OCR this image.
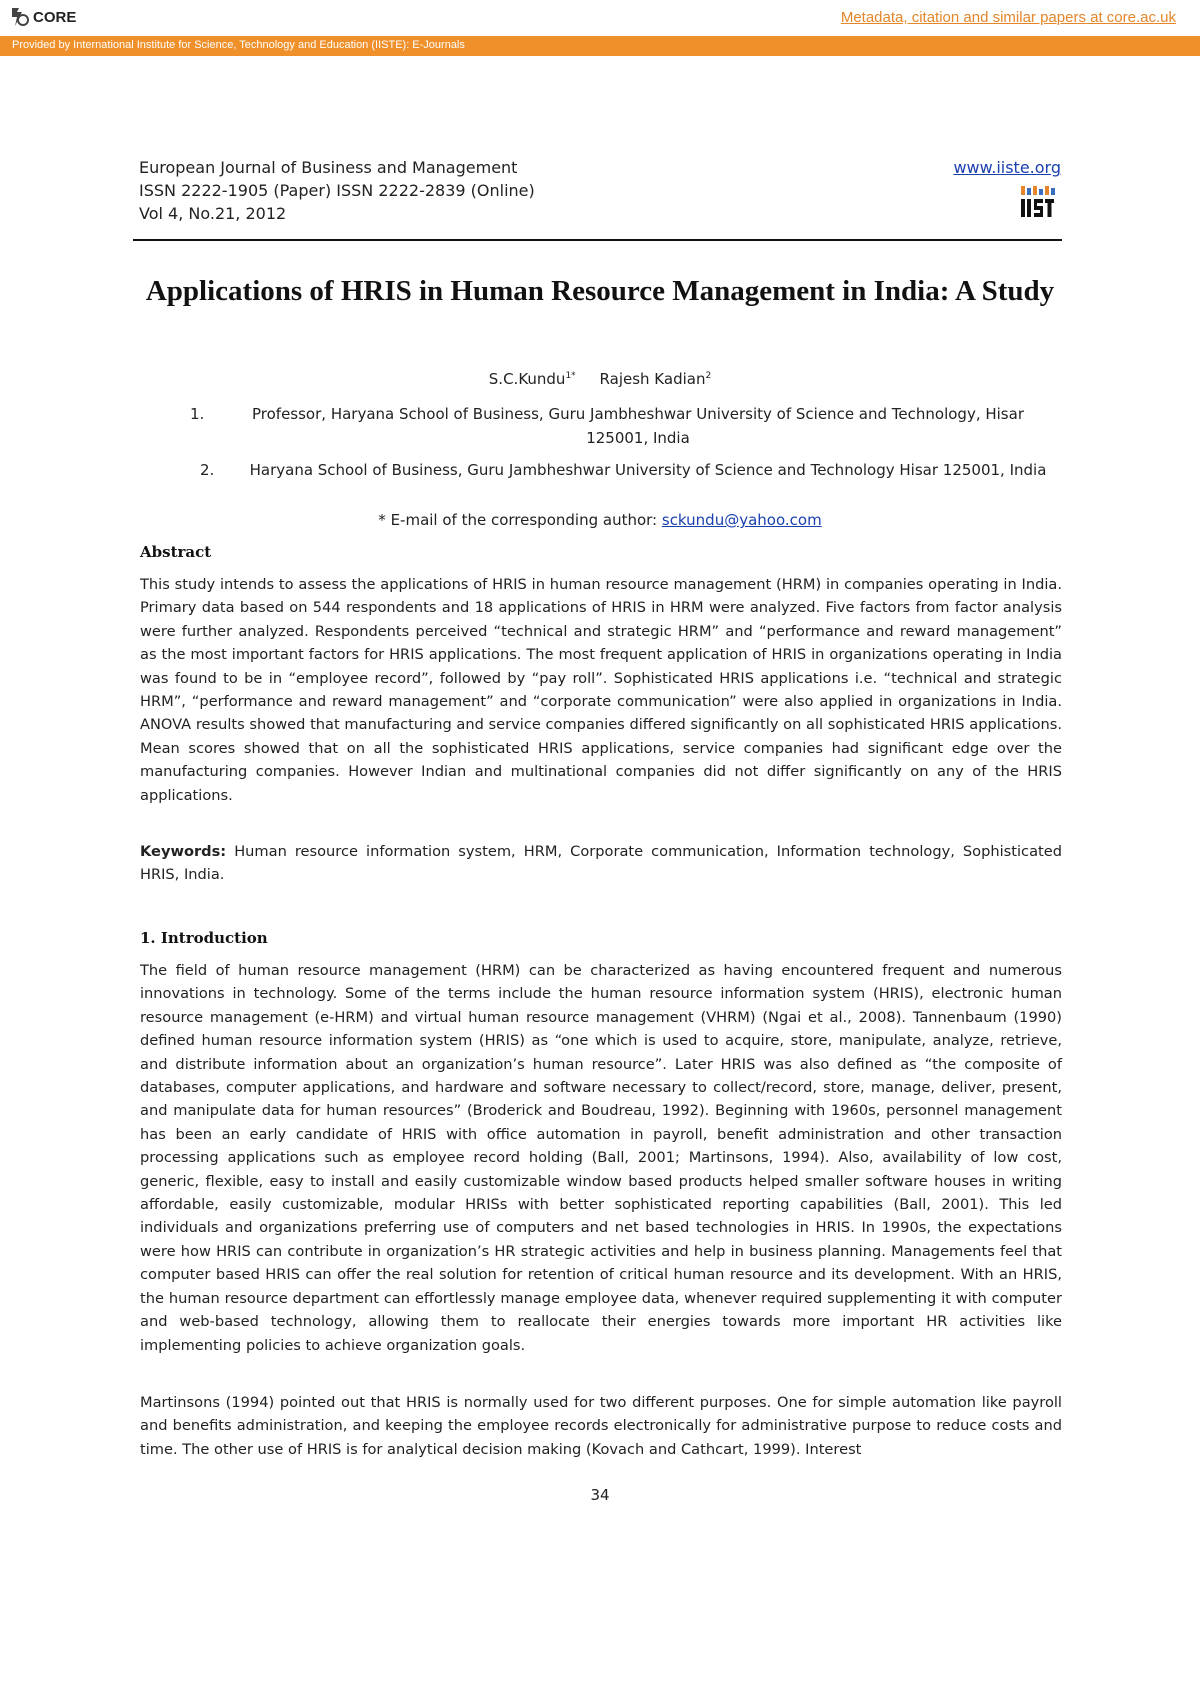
CORE	Metadata, citation and similar papers at core.ac.uk
Provided by International Institute for Science, Technology and Education (IISTE): E-Journals
European Journal of Business and Management
ISSN 2222-1905 (Paper) ISSN 2222-2839 (Online)
Vol 4, No.21, 2012
www.iiste.org
Applications of HRIS in Human Resource Management in India: A Study
S.C.Kundu$^{1*}$ Rajesh Kadian$^2$
1.	Professor, Haryana School of Business, Guru Jambheshwar University of Science and Technology, Hisar 125001, India
2.	Haryana School of Business, Guru Jambheshwar University of Science and Technology Hisar 125001, India
* E-mail of the corresponding author: sckundu@yahoo.com
Abstract
This study intends to assess the applications of HRIS in human resource management (HRM) in companies operating in India. Primary data based on 544 respondents and 18 applications of HRIS in HRM were analyzed. Five factors from factor analysis were further analyzed. Respondents perceived “technical and strategic HRM” and “performance and reward management” as the most important factors for HRIS applications. The most frequent application of HRIS in organizations operating in India was found to be in “employee record”, followed by “pay roll”. Sophisticated HRIS applications i.e. “technical and strategic HRM”, “performance and reward management” and “corporate communication” were also applied in organizations in India. ANOVA results showed that manufacturing and service companies differed significantly on all sophisticated HRIS applications. Mean scores showed that on all the sophisticated HRIS applications, service companies had significant edge over the manufacturing companies. However Indian and multinational companies did not differ significantly on any of the HRIS applications.
Keywords: Human resource information system, HRM, Corporate communication, Information technology, Sophisticated HRIS, India.
1. Introduction
The field of human resource management (HRM) can be characterized as having encountered frequent and numerous innovations in technology. Some of the terms include the human resource information system (HRIS), electronic human resource management (e-HRM) and virtual human resource management (VHRM) (Ngai et al., 2008). Tannenbaum (1990) defined human resource information system (HRIS) as “one which is used to acquire, store, manipulate, analyze, retrieve, and distribute information about an organization’s human resource”. Later HRIS was also defined as “the composite of databases, computer applications, and hardware and software necessary to collect/record, store, manage, deliver, present, and manipulate data for human resources” (Broderick and Boudreau, 1992). Beginning with 1960s, personnel management has been an early candidate of HRIS with office automation in payroll, benefit administration and other transaction processing applications such as employee record holding (Ball, 2001; Martinsons, 1994). Also, availability of low cost, generic, flexible, easy to install and easily customizable window based products helped smaller software houses in writing affordable, easily customizable, modular HRISs with better sophisticated reporting capabilities (Ball, 2001). This led individuals and organizations preferring use of computers and net based technologies in HRIS. In 1990s, the expectations were how HRIS can contribute in organization’s HR strategic activities and help in business planning. Managements feel that computer based HRIS can offer the real solution for retention of critical human resource and its development. With an HRIS, the human resource department can effortlessly manage employee data, whenever required supplementing it with computer and web-based technology, allowing them to reallocate their energies towards more important HR activities like implementing policies to achieve organization goals.
Martinsons (1994) pointed out that HRIS is normally used for two different purposes. One for simple automation like payroll and benefits administration, and keeping the employee records electronically for administrative purpose to reduce costs and time. The other use of HRIS is for analytical decision making (Kovach and Cathcart, 1999). Interest
34
